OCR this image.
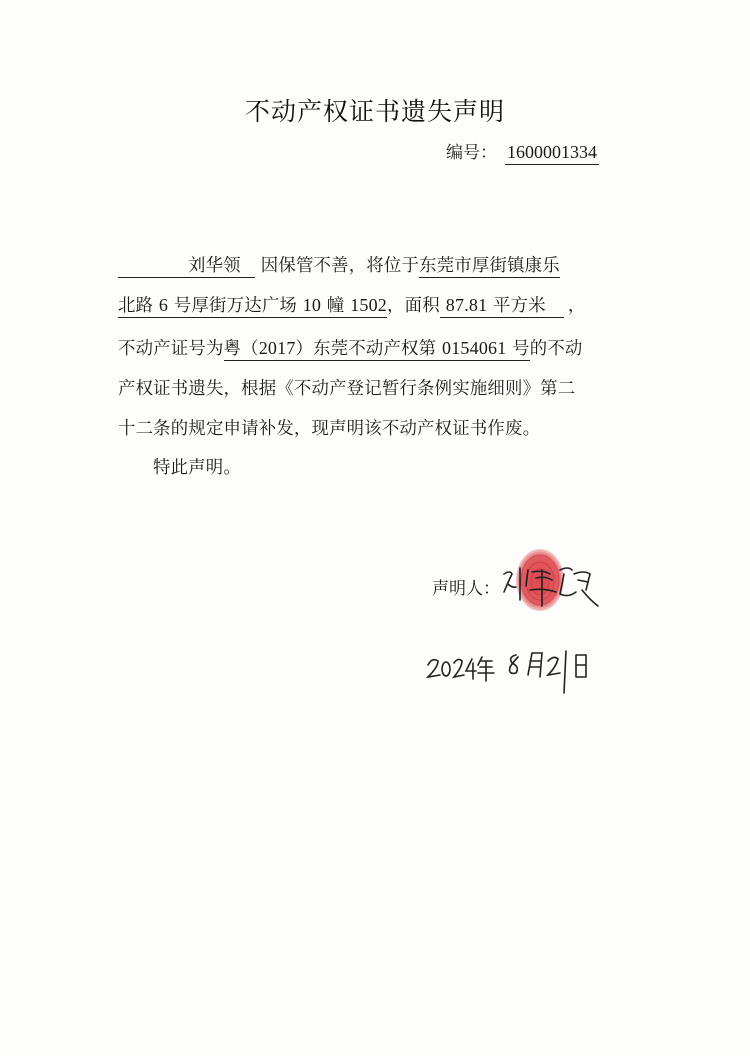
不动产权证书遗失声明
编号： 1600001334
刘华领 因保管不善，将位于东莞市厚街镇康乐
北路 6 号厚街万达广场 10 幢 1502，面积 87.81 平方米 ，
不动产证号为粤（2017）东莞不动产权第 0154061 号的不动
产权证书遗失，根据《不动产登记暂行条例实施细则》第二
十二条的规定申请补发，现声明该不动产权证书作废。
特此声明。
声明人：
